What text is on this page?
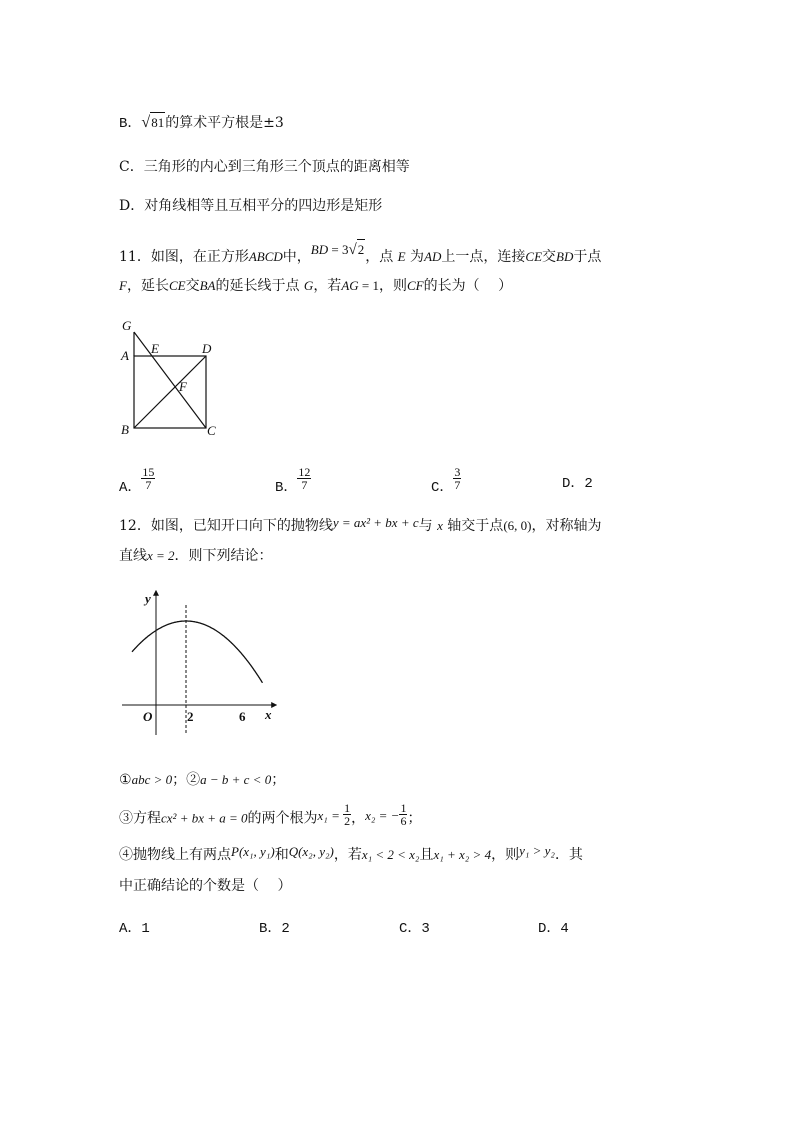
B．√81的算术平方根是±3
C．三角形的内心到三角形三个顶点的距离相等
D．对角线相等且互相平分的四边形是矩形
11．如图，在正方形ABCD中，BD = 3√2，点 E 为AD上一点，连接CE交BD于点
F，延长CE交BA的延长线于点 G，若AG = 1，则CF的长为（　 ）
G
A E	D
F
B	C
A． $\frac{15}{7}$	B． $\frac{12}{7}$	C． $\frac{3}{7}$	D．2
12．如图，已知开口向下的抛物线y = ax² + bx + c与 x 轴交于点(6, 0)，对称轴为
直线x = 2．则下列结论：
y
x
O	2	6
①abc > 0；②a − b + c < 0；
③方程cx² + bx + a = 0的两个根为$x_1 = \frac{1}{2}$ ，x₂ = − $\frac{1}{6}$ ；
④抛物线上有两点P(x₁, y₁)和Q(x₂, y₂)，若x₁ < 2 < x₂且x₁ + x₂ > 4，则y₁ > y₂．其
中正确结论的个数是（　 ）
A．1	B．2	C．3	D．4
